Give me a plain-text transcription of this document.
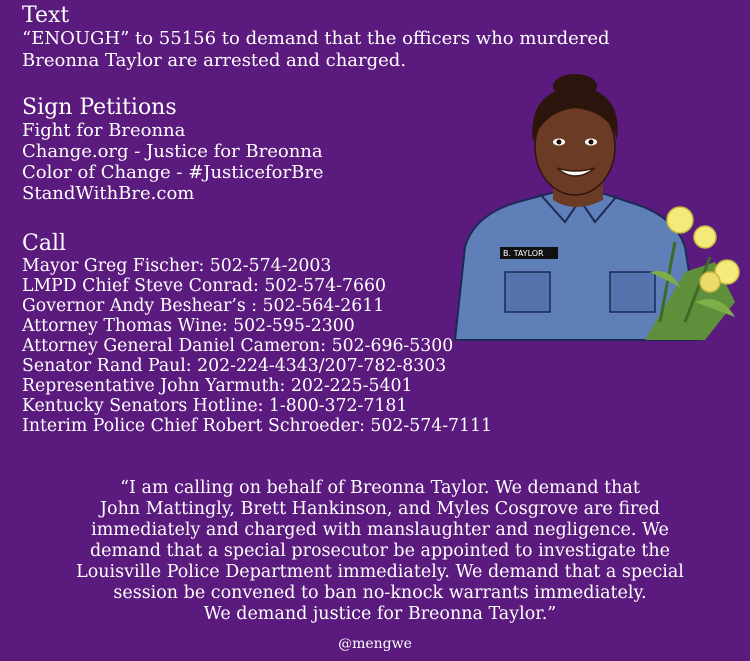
Text

“ENOUGH” to 55156 to demand that the officers who murdered

Breonna Taylor are arrested and charged.

Sign Petitions

Fight for Breonna

Change.org - Justice for Breonna

Color of Change - #JusticeforBre

StandWithBre.com

Call

Mayor Greg Fischer: 502-574-2003

LMPD Chief Steve Conrad: 502-574-7660

Governor Andy Beshear’s : 502-564-2611

Attorney Thomas Wine: 502-595-2300

Attorney General Daniel Cameron: 502-696-5300

Senator Rand Paul: 202-224-4343/207-782-8303

Representative John Yarmuth: 202-225-5401

Kentucky Senators Hotline: 1-800-372-7181

Interim Police Chief Robert Schroeder: 502-574-7111

B. TAYLOR

“I am calling on behalf of Breonna Taylor. We demand that

John Mattingly, Brett Hankinson, and Myles Cosgrove are fired

immediately and charged with manslaughter and negligence. We

demand that a special prosecutor be appointed to investigate the

Louisville Police Department immediately. We demand that a special

session be convened to ban no-knock warrants immediately.

We demand justice for Breonna Taylor.”

@mengwe
